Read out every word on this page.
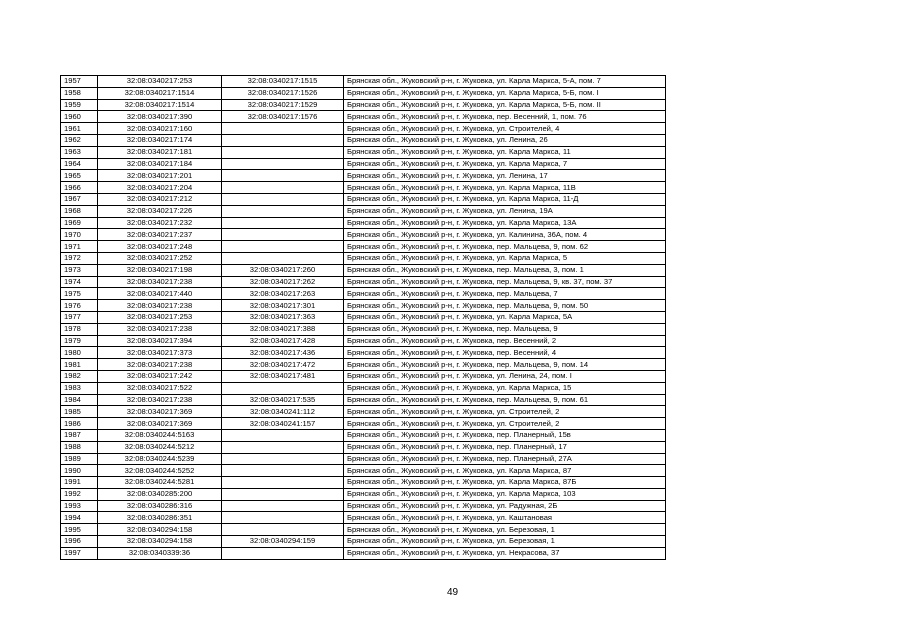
1957	32:08:0340217:253	32:08:0340217:1515	Брянская обл., Жуковский р-н, г. Жуковка, ул. Карла Маркса, 5-А, пом. 7
1958	32:08:0340217:1514	32:08:0340217:1526	Брянская обл., Жуковский р-н, г. Жуковка, ул. Карла Маркса, 5-Б, пом. I
1959	32:08:0340217:1514	32:08:0340217:1529	Брянская обл., Жуковский р-н, г. Жуковка, ул. Карла Маркса, 5-Б, пом. II
1960	32:08:0340217:390	32:08:0340217:1576	Брянская обл., Жуковский р-н, г. Жуковка, пер. Весенний, 1, пом. 76
1961	32:08:0340217:160		Брянская обл., Жуковский р-н, г. Жуковка, ул. Строителей, 4
1962	32:08:0340217:174		Брянская обл., Жуковский р-н, г. Жуковка, ул. Ленина, 26
1963	32:08:0340217:181		Брянская обл., Жуковский р-н, г. Жуковка, ул. Карла Маркса, 11
1964	32:08:0340217:184		Брянская обл., Жуковский р-н, г. Жуковка, ул. Карла Маркса, 7
1965	32:08:0340217:201		Брянская обл., Жуковский р-н, г. Жуковка, ул. Ленина, 17
1966	32:08:0340217:204		Брянская обл., Жуковский р-н, г. Жуковка, ул. Карла Маркса, 11В
1967	32:08:0340217:212		Брянская обл., Жуковский р-н, г. Жуковка, ул. Карла Маркса, 11-Д
1968	32:08:0340217:226		Брянская обл., Жуковский р-н, г. Жуковка, ул. Ленина, 19А
1969	32:08:0340217:232		Брянская обл., Жуковский р-н, г. Жуковка, ул. Карла Маркса, 13А
1970	32:08:0340217:237		Брянская обл., Жуковский р-н, г. Жуковка, ул. Калинина, 36А, пом. 4
1971	32:08:0340217:248		Брянская обл., Жуковский р-н, г. Жуковка, пер. Мальцева, 9, пом. 62
1972	32:08:0340217:252		Брянская обл., Жуковский р-н, г. Жуковка, ул. Карла Маркса, 5
1973	32:08:0340217:198	32:08:0340217:260	Брянская обл., Жуковский р-н, г. Жуковка, пер. Мальцева, 3, пом. 1
1974	32:08:0340217:238	32:08:0340217:262	Брянская обл., Жуковский р-н, г. Жуковка, пер. Мальцева, 9, кв. 37, пом. 37
1975	32:08:0340217:440	32:08:0340217:263	Брянская обл., Жуковский р-н, г. Жуковка, пер. Мальцева, 7
1976	32:08:0340217:238	32:08:0340217:301	Брянская обл., Жуковский р-н, г. Жуковка, пер. Мальцева, 9, пом. 50
1977	32:08:0340217:253	32:08:0340217:363	Брянская обл., Жуковский р-н, г. Жуковка, ул. Карла Маркса, 5А
1978	32:08:0340217:238	32:08:0340217:388	Брянская обл., Жуковский р-н, г. Жуковка, пер. Мальцева, 9
1979	32:08:0340217:394	32:08:0340217:428	Брянская обл., Жуковский р-н, г. Жуковка, пер. Весенний, 2
1980	32:08:0340217:373	32:08:0340217:436	Брянская обл., Жуковский р-н, г. Жуковка, пер. Весенний, 4
1981	32:08:0340217:238	32:08:0340217:472	Брянская обл., Жуковский р-н, г. Жуковка, пер. Мальцева, 9, пом. 14
1982	32:08:0340217:242	32:08:0340217:481	Брянская обл., Жуковский р-н, г. Жуковка, ул. Ленина, 24, пом. I
1983	32:08:0340217:522		Брянская обл., Жуковский р-н, г. Жуковка, ул. Карла Маркса, 15
1984	32:08:0340217:238	32:08:0340217:535	Брянская обл., Жуковский р-н, г. Жуковка, пер. Мальцева, 9, пом. 61
1985	32:08:0340217:369	32:08:0340241:112	Брянская обл., Жуковский р-н, г. Жуковка, ул. Строителей, 2
1986	32:08:0340217:369	32:08:0340241:157	Брянская обл., Жуковский р-н, г. Жуковка, ул. Строителей, 2
1987	32:08:0340244:5163		Брянская обл., Жуковский р-н, г. Жуковка, пер. Планерный, 15в
1988	32:08:0340244:5212		Брянская обл., Жуковский р-н, г. Жуковка, пер. Планерный, 17
1989	32:08:0340244:5239		Брянская обл., Жуковский р-н, г. Жуковка, пер. Планерный, 27А
1990	32:08:0340244:5252		Брянская обл., Жуковский р-н, г. Жуковка, ул. Карла Маркса, 87
1991	32:08:0340244:5281		Брянская обл., Жуковский р-н, г. Жуковка, ул. Карла Маркса, 87Б
1992	32:08:0340285:200		Брянская обл., Жуковский р-н, г. Жуковка, ул. Карла Маркса, 103
1993	32:08:0340286:316		Брянская обл., Жуковский р-н, г. Жуковка, ул. Радужная, 2Б
1994	32:08:0340286:351		Брянская обл., Жуковский р-н, г. Жуковка, ул. Каштановая
1995	32:08:0340294:158		Брянская обл., Жуковский р-н, г. Жуковка, ул. Березовая, 1
1996	32:08:0340294:158	32:08:0340294:159	Брянская обл., Жуковский р-н, г. Жуковка, ул. Березовая, 1
1997	32:08:0340339:36		Брянская обл., Жуковский р-н, г. Жуковка, ул. Некрасова, 37
49
